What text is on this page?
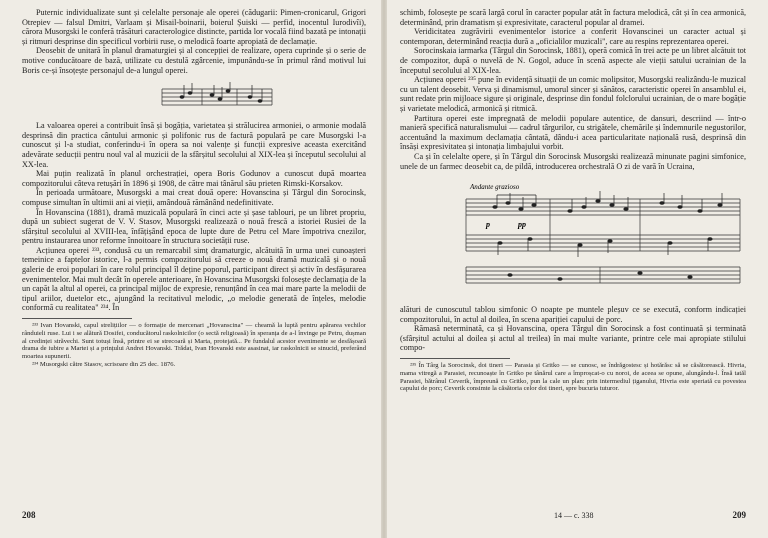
Puternic individualizate sunt și celelalte personaje ale operei (cădugarii: Pimen-cronicarul, Grigori Otrepiev — falsul Dmitri, Varlaam și Misail-boinarii, boierul Șuiski — perfid, inocentul Iurodivîi), cărora Musorgski le conferă trăsături caracterologice distincte, partida lor vocală fiind bazată pe intonații și ritmuri desprinse din specificul vorbirii ruse, o melodică foarte apropiată de declamație.

Deosebit de unitară în planul dramaturgiei și al concepției de realizare, opera cuprinde și o serie de motive conducătoare de bază, utilizate cu destulă zgârcenie, impunându-se în primul rând motivul lui Boris ce-și însoțește personajul de-a lungul operei.

La valoarea operei a contribuit însă și bogăția, varietatea și strălucirea armoniei, o armonie modală desprinsă din practica cântului armonic și polifonic rus de factură populară pe care Musorgski l-a cunoscut și l-a studiat, conferindu-i în opera sa noi valențe și funcții expresive aceasta exercitând adevărate seducții pentru noul val al muzicii de la sfârșitul secolului al XIX-lea și începutul secolului al XX-lea.

Mai puțin realizată în planul orchestrației, opera Boris Godunov a cunoscut după moartea compozitorului câteva retușări în 1896 și 1908, de către mai tânărul său prieten Rimski-Korsakov.

În perioada următoare, Musorgski a mai creat două opere: Hovanscina și Târgul din Sorocinsk, compuse simultan în ultimii ani ai vieții, amândouă rămânând nedefinitivate.

În Hovanscina (1881), dramă muzicală populară în cinci acte și șase tablouri, pe un libret propriu, după un subiect sugerat de V. V. Stasov, Musorgski realizează o nouă frescă a istoriei Rusiei de la sfârșitul secolului al XVIII-lea, înfățișând epoca de lupte dure de Petru cel Mare împotriva cnezilor, pentru instaurarea unor reforme înnoitoare în structura societății ruse.

Acțiunea operei ²³³, condusă cu un remarcabil simț dramaturgic, alcătuită în urma unei cunoașteri temeinice a faptelor istorice, l-a permis compozitorului să creeze o nouă dramă muzicală și o nouă galerie de eroi populari în care rolul principal îl deține poporul, participant direct și activ în desfășurarea evenimentelor. Mai mult decât în operele anterioare, în Hovanscina Musorgski folosește declamația de la un capăt la altul al operei, ca principal mijloc de expresie, renunțând în cea mai mare parte la melodii de tipul ariilor, duetelor etc., ajungând la recitativul melodic, „o melodie generată de înțeles, melodie conformă cu realitatea" ²³⁴. În

²³³ Ivan Hovanski, capul strelițiilor — o formație de mercenari „Hovanscina" — cheamă la luptă pentru apărarea vechilor rânduieli ruse. Lui i se alătură Dosifei, conducătorul raskolnicilor (o sectă religioasă) în speranța de a-l învinge pe Petru, dușman al credinței străvechi. Sunt totuși însă, printre ei se strecoară și Marta, protejată... Pe fundalul acestor evenimente se desfășoară drama de iubire a Martei și a prințului Andrei Hovanski. Trădat, Ivan Hovanski este asasinat, iar raskolnicii se sinucid, preferând moartea supunerii.

²³⁴ Musorgski către Stasov, scrisoare din 25 dec. 1876.

schimb, folosește pe scară largă corul în caracter popular atât în factura melodică, cât și în cea armonică, determinând, prin dramatism și expresivitate, caracterul popular al dramei.

Veridicitatea zugrăvirii evenimentelor istorice a conferit Hovanscinei un caracter actual și contemporan, determinând reacția dură a „oficialilor muzicali", care au respins reprezentarea operei.

Sorocinskaia iarmarka (Târgul din Sorocinsk, 1881), operă comică în trei acte pe un libret alcătuit tot de compozitor, după o nuvelă de N. Gogol, aduce în scenă aspecte ale vieții satului ucrainian de la începutul secolului al XIX-lea.

Acțiunea operei ²³⁵ pune în evidență situații de un comic molipsitor, Musorgski realizându-le muzical cu un talent deosebit. Verva și dinamismul, umorul sincer și sănătos, caracteristic operei în ansamblul ei, sunt redate prin mijloace sigure și originale, desprinse din fondul folclorului ucrainian, de o mare bogăție și varietate melodică, armonică și ritmică.

Partitura operei este impregnată de melodii populare autentice, de dansuri, descriind — într-o manieră specifică naturalismului — cadrul târgurilor, cu strigătele, chemările și îndemnurile negustorilor, accentuând la maximum declamația cântată, dându-i acea particularitate națională rusă, desprinsă din însăși expresivitatea și intonația limbajului vorbit.

Ca și în celelalte opere, și în Târgul din Sorocinsk Musorgski realizează minunate pagini simfonice, unele de un farmec deosebit ca, de pildă, introducerea orchestrală O zi de vară în Ucraina,

Andante grazioso
p	pp

alături de cunoscutul tablou simfonic O noapte pe muntele pleșuv ce se execută, conform indicației compozitorului, în actul al doilea, în scena apariției capului de porc.

Rămasă neterminată, ca și Hovanscina, opera Târgul din Sorocinsk a fost continuată și terminată (sfârșitul actului al doilea și actul al treilea) în mai multe variante, printre cele mai apropiate stilului compo-

²³⁵ În Târg la Sorocinsk, doi tineri — Parasia și Gritko — se cunosc, se îndrăgostesc și hotărăsc să se căsătorească. Hivria, mama vitregă a Parasiei, recunoaște în Gritko pe tânărul care a împroșcat-o cu noroi, de aceea se opune, alungându-l. Însă tatăl Parasiei, bătrânul Ceverik, împreună cu Gritko, pun la cale un plan: prin intermediul țiganului, Hivria este speriată cu povestea capului de porc; Ceverik consimte la căsătoria celor doi tineri, spre bucuria tuturor.

208	14 — c. 338	209
